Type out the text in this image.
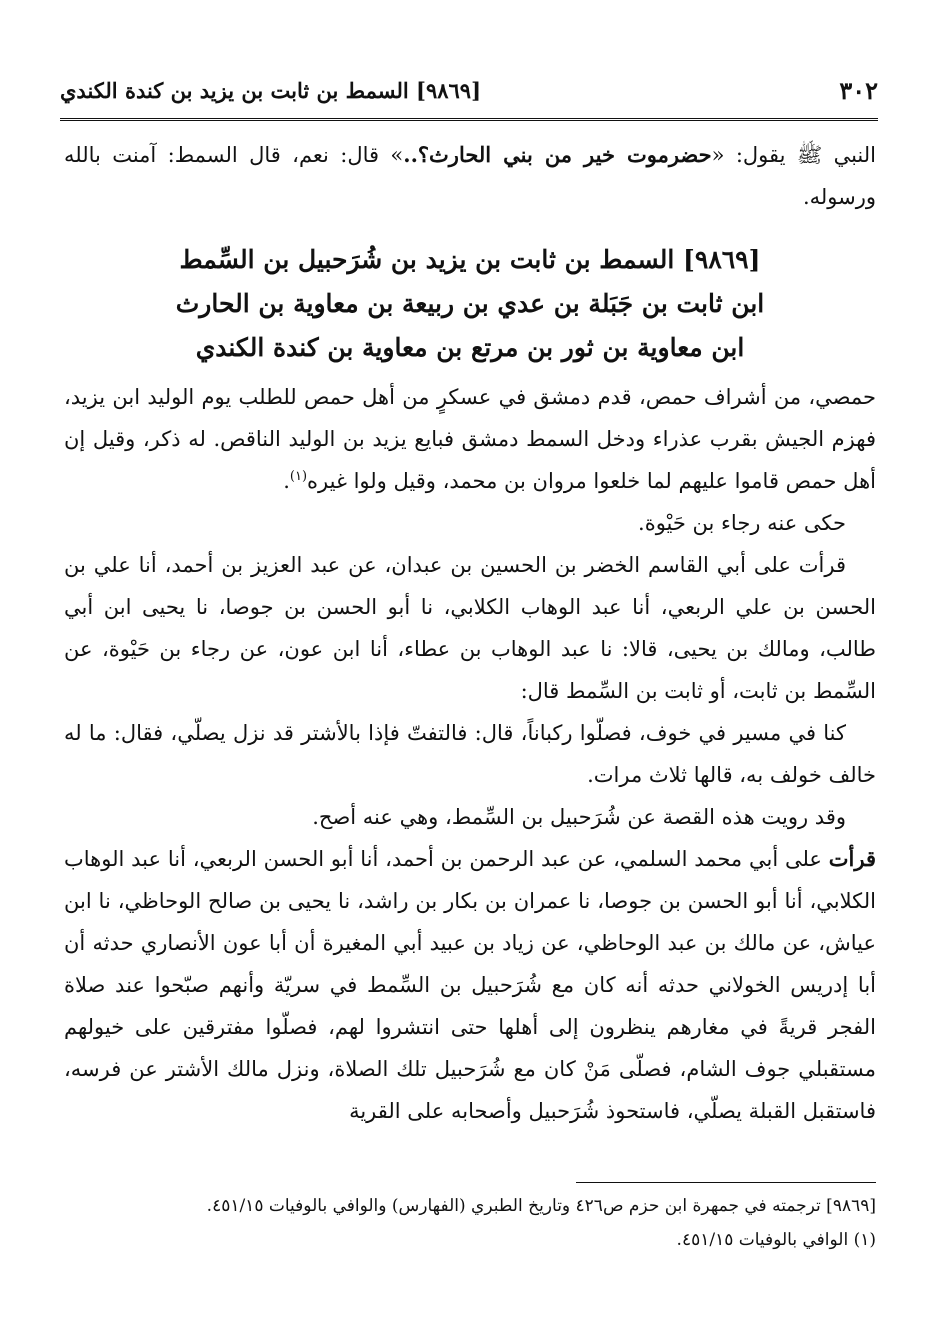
٣٠٢
[٩٨٦٩] السمط بن ثابت بن يزيد بن كندة الكندي

النبي ﷺ يقول: «حضرموت خير من بني الحارث؟..» قال: نعم، قال السمط: آمنت بالله ورسوله.

[٩٨٦٩] السمط بن ثابت بن يزيد بن شُرَحبيل بن السِّمط
ابن ثابت بن جَبَلة بن عدي بن ربيعة بن معاوية بن الحارث
ابن معاوية بن ثور بن مرتع بن معاوية بن كندة الكندي

حمصي، من أشراف حمص، قدم دمشق في عسكرٍ من أهل حمص للطلب يوم الوليد ابن يزيد، فهزم الجيش بقرب عذراء ودخل السمط دمشق فبايع يزيد بن الوليد الناقص. له ذكر، وقيل إن أهل حمص قاموا عليهم لما خلعوا مروان بن محمد، وقيل ولوا غيره$^{(١)}$.

حكى عنه رجاء بن حَيْوة.

قرأت على أبي القاسم الخضر بن الحسين بن عبدان، عن عبد العزيز بن أحمد، أنا علي بن الحسن بن علي الربعي، أنا عبد الوهاب الكلابي، نا أبو الحسن بن جوصا، نا يحيى ابن أبي طالب، ومالك بن يحيى، قالا: نا عبد الوهاب بن عطاء، أنا ابن عون، عن رجاء بن حَيْوة، عن السِّمط بن ثابت، أو ثابت بن السِّمط قال:

كنا في مسير في خوف، فصلّوا ركباناً، قال: فالتفتّ فإذا بالأشتر قد نزل يصلّي، فقال: ما له خالف خولف به، قالها ثلاث مرات.

وقد رويت هذه القصة عن شُرَحبيل بن السِّمط، وهي عنه أصح.

قرأت على أبي محمد السلمي، عن عبد الرحمن بن أحمد، أنا أبو الحسن الربعي، أنا عبد الوهاب الكلابي، أنا أبو الحسن بن جوصا، نا عمران بن بكار بن راشد، نا يحيى بن صالح الوحاظي، نا ابن عياش، عن مالك بن عبد الوحاظي، عن زياد بن عبيد أبي المغيرة أن أبا عون الأنصاري حدثه أن أبا إدريس الخولاني حدثه أنه كان مع شُرَحبيل بن السِّمط في سريّة وأنهم صبّحوا عند صلاة الفجر قريةً في مغارهم ينظرون إلى أهلها حتى انتشروا لهم، فصلّوا مفترقين على خيولهم مستقبلي جوف الشام، فصلّى مَنْ كان مع شُرَحبيل تلك الصلاة، ونزل مالك الأشتر عن فرسه، فاستقبل القبلة يصلّي، فاستحوذ شُرَحبيل وأصحابه على القرية

[٩٨٦٩] ترجمته في جمهرة ابن حزم ص٤٢٦ وتاريخ الطبري (الفهارس) والوافي بالوفيات ٤٥١/١٥.

(١) الوافي بالوفيات ٤٥١/١٥.
